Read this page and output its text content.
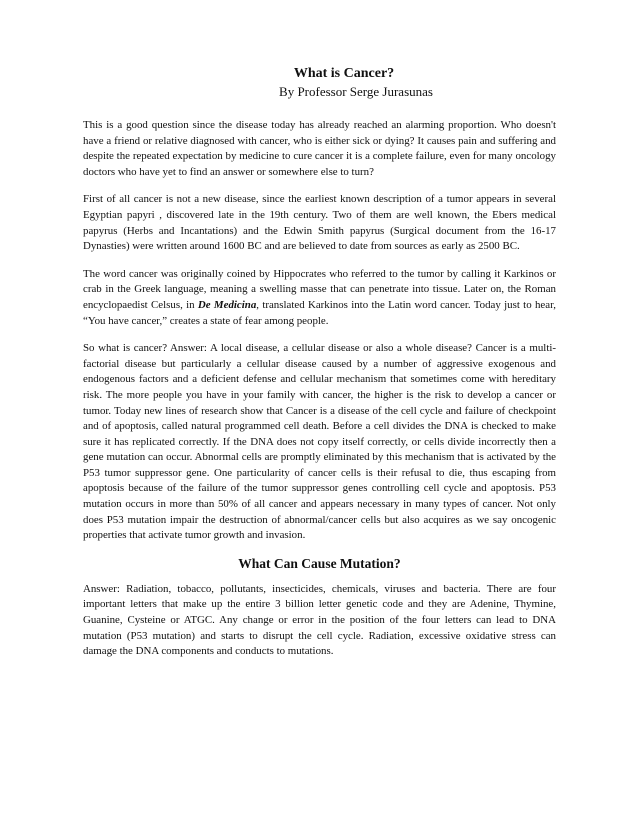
What is Cancer?
By Professor Serge Jurasunas

This is a good question since the disease today has already reached an alarming proportion. Who doesn't have a friend or relative diagnosed with cancer, who is either sick or dying? It causes pain and suffering and despite the repeated expectation by medicine to cure cancer it is a complete failure, even for many oncology doctors who have yet to find an answer or somewhere else to turn?

First of all cancer is not a new disease, since the earliest known description of a tumor appears in several Egyptian papyri , discovered late in the 19th century. Two of them are well known, the Ebers medical papyrus (Herbs and Incantations) and the Edwin Smith papyrus (Surgical document from the 16-17 Dynasties) were written around 1600 BC and are believed to date from sources as early as 2500 BC.

The word cancer was originally coined by Hippocrates who referred to the tumor by calling it Karkinos or crab in the Greek language, meaning a swelling masse that can penetrate into tissue. Later on, the Roman encyclopaedist Celsus, in De Medicina, translated Karkinos into the Latin word cancer. Today just to hear, “You have cancer,” creates a state of fear among people.

So what is cancer? Answer: A local disease, a cellular disease or also a whole disease? Cancer is a multi-factorial disease but particularly a cellular disease caused by a number of aggressive exogenous and endogenous factors and a deficient defense and cellular mechanism that sometimes come with hereditary risk. The more people you have in your family with cancer, the higher is the risk to develop a cancer or tumor. Today new lines of research show that Cancer is a disease of the cell cycle and failure of checkpoint and of apoptosis, called natural programmed cell death. Before a cell divides the DNA is checked to make sure it has replicated correctly. If the DNA does not copy itself correctly, or cells divide incorrectly then a gene mutation can occur. Abnormal cells are promptly eliminated by this mechanism that is activated by the P53 tumor suppressor gene. One particularity of cancer cells is their refusal to die, thus escaping from apoptosis because of the failure of the tumor suppressor genes controlling cell cycle and apoptosis. P53 mutation occurs in more than 50% of all cancer and appears necessary in many types of cancer. Not only does P53 mutation impair the destruction of abnormal/cancer cells but also acquires as we say oncogenic properties that activate tumor growth and invasion.

What Can Cause Mutation?

Answer: Radiation, tobacco, pollutants, insecticides, chemicals, viruses and bacteria. There are four important letters that make up the entire 3 billion letter genetic code and they are Adenine, Thymine, Guanine, Cysteine or ATGC. Any change or error in the position of the four letters can lead to DNA mutation (P53 mutation) and starts to disrupt the cell cycle. Radiation, excessive oxidative stress can damage the DNA components and conducts to mutations.
